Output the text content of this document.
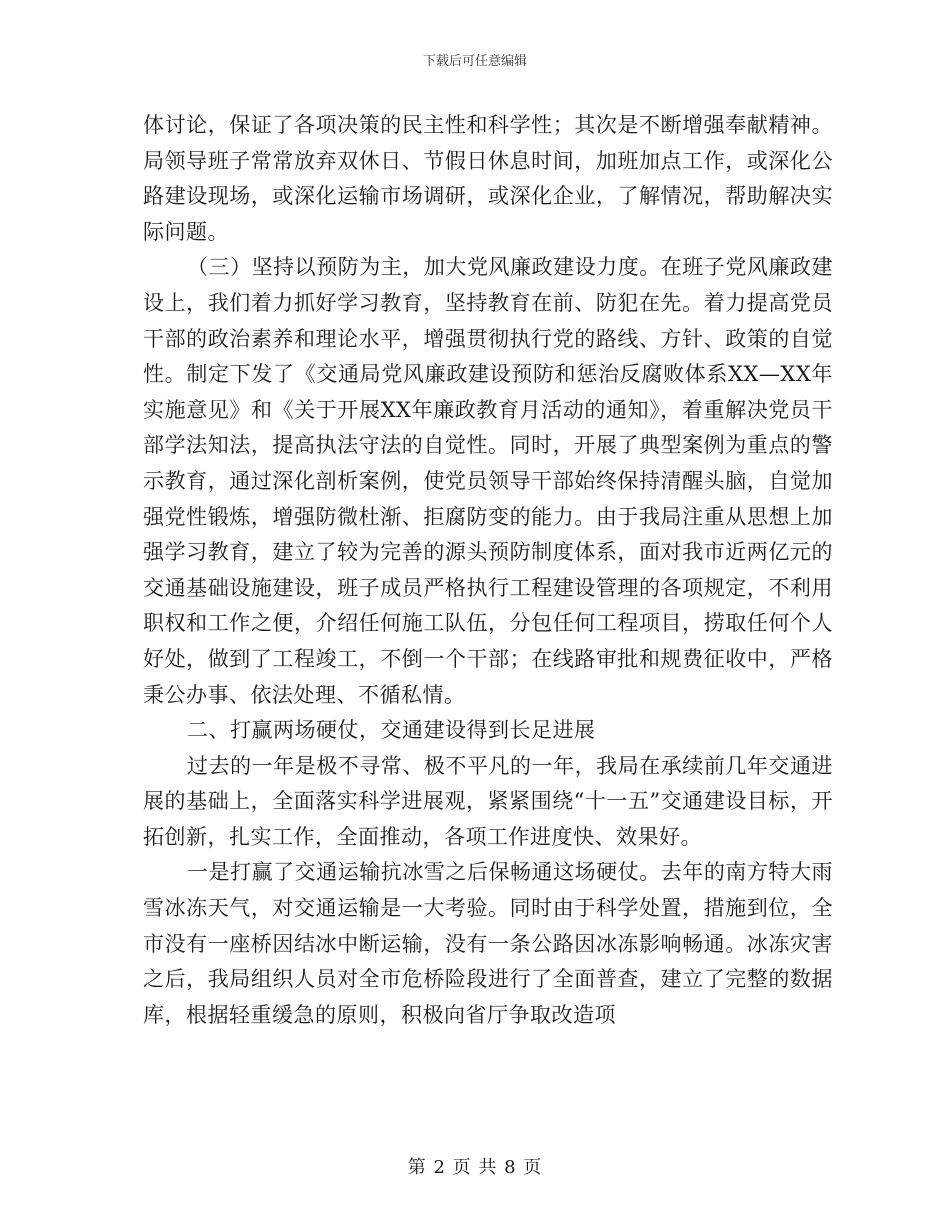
下载后可任意编辑

体讨论，保证了各项决策的民主性和科学性；其次是不断增强奉献精神。局领导班子常常放弃双休日、节假日休息时间，加班加点工作，或深化公路建设现场，或深化运输市场调研，或深化企业，了解情况，帮助解决实际问题。

（三）坚持以预防为主，加大党风廉政建设力度。在班子党风廉政建设上，我们着力抓好学习教育，坚持教育在前、防犯在先。着力提高党员干部的政治素养和理论水平，增强贯彻执行党的路线、方针、政策的自觉性。制定下发了《交通局党风廉政建设预防和惩治反腐败体系XX—XX年实施意见》和《关于开展XX年廉政教育月活动的通知》，着重解决党员干部学法知法，提高执法守法的自觉性。同时，开展了典型案例为重点的警示教育，通过深化剖析案例，使党员领导干部始终保持清醒头脑，自觉加强党性锻炼，增强防微杜渐、拒腐防变的能力。由于我局注重从思想上加强学习教育，建立了较为完善的源头预防制度体系，面对我市近两亿元的交通基础设施建设，班子成员严格执行工程建设管理的各项规定，不利用职权和工作之便，介绍任何施工队伍，分包任何工程项目，捞取任何个人好处，做到了工程竣工，不倒一个干部；在线路审批和规费征收中，严格秉公办事、依法处理、不循私情。

二、打赢两场硬仗，交通建设得到长足进展

过去的一年是极不寻常、极不平凡的一年，我局在承续前几年交通进展的基础上，全面落实科学进展观，紧紧围绕“十一五”交通建设目标，开拓创新，扎实工作，全面推动，各项工作进度快、效果好。

一是打赢了交通运输抗冰雪之后保畅通这场硬仗。去年的南方特大雨雪冰冻天气，对交通运输是一大考验。同时由于科学处置，措施到位，全市没有一座桥因结冰中断运输，没有一条公路因冰冻影响畅通。冰冻灾害之后，我局组织人员对全市危桥险段进行了全面普查，建立了完整的数据库，根据轻重缓急的原则，积极向省厅争取改造项

第 2 页 共 8 页
